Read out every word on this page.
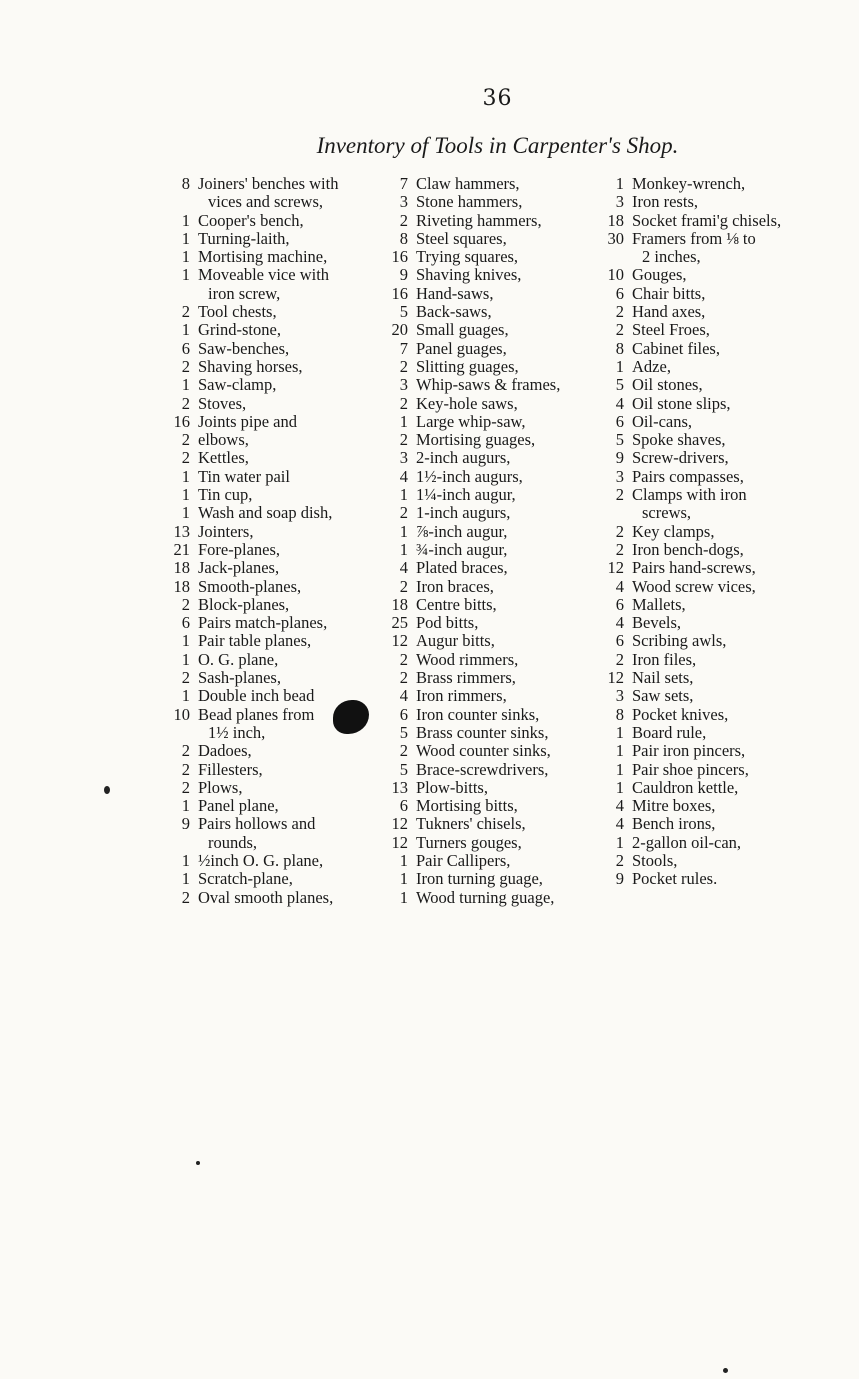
36
Inventory of Tools in Carpenter's Shop.
8 Joiners' benches with
vices and screws,
1 Cooper's bench,
1 Turning-laith,
1 Mortising machine,
1 Moveable vice with
iron screw,
2 Tool chests,
1 Grind-stone,
6 Saw-benches,
2 Shaving horses,
1 Saw-clamp,
2 Stoves,
16 Joints pipe and
2 elbows,
2 Kettles,
1 Tin water pail
1 Tin cup,
1 Wash and soap dish,
13 Jointers,
21 Fore-planes,
18 Jack-planes,
18 Smooth-planes,
2 Block-planes,
6 Pairs match-planes,
1 Pair table planes,
1 O. G. plane,
2 Sash-planes,
1 Double inch bead
10 Bead planes from
1½ inch,
2 Dadoes,
2 Fillesters,
2 Plows,
1 Panel plane,
9 Pairs hollows and
rounds,
1 ½inch O. G. plane,
1 Scratch-plane,
2 Oval smooth planes,
7 Claw hammers,
3 Stone hammers,
2 Riveting hammers,
8 Steel squares,
16 Trying squares,
9 Shaving knives,
16 Hand-saws,
5 Back-saws,
20 Small guages,
7 Panel guages,
2 Slitting guages,
3 Whip-saws & frames,
2 Key-hole saws,
1 Large whip-saw,
2 Mortising guages,
3 2-inch augurs,
4 1½-inch augurs,
1 1¼-inch augur,
2 1-inch augurs,
1 ⅞-inch augur,
1 ¾-inch augur,
4 Plated braces,
2 Iron braces,
18 Centre bitts,
25 Pod bitts,
12 Augur bitts,
2 Wood rimmers,
2 Brass rimmers,
4 Iron rimmers,
6 Iron counter sinks,
5 Brass counter sinks,
2 Wood counter sinks,
5 Brace-screwdrivers,
13 Plow-bitts,
6 Mortising bitts,
12 Tukners' chisels,
12 Turners gouges,
1 Pair Callipers,
1 Iron turning guage,
1 Wood turning guage,
1 Monkey-wrench,
3 Iron rests,
18 Socket frami'g chisels,
30 Framers from ⅛ to
2 inches,
10 Gouges,
6 Chair bitts,
2 Hand axes,
2 Steel Froes,
8 Cabinet files,
1 Adze,
5 Oil stones,
4 Oil stone slips,
6 Oil-cans,
5 Spoke shaves,
9 Screw-drivers,
3 Pairs compasses,
2 Clamps with iron
screws,
2 Key clamps,
2 Iron bench-dogs,
12 Pairs hand-screws,
4 Wood screw vices,
6 Mallets,
4 Bevels,
6 Scribing awls,
2 Iron files,
12 Nail sets,
3 Saw sets,
8 Pocket knives,
1 Board rule,
1 Pair iron pincers,
1 Pair shoe pincers,
1 Cauldron kettle,
4 Mitre boxes,
4 Bench irons,
1 2-gallon oil-can,
2 Stools,
9 Pocket rules.
